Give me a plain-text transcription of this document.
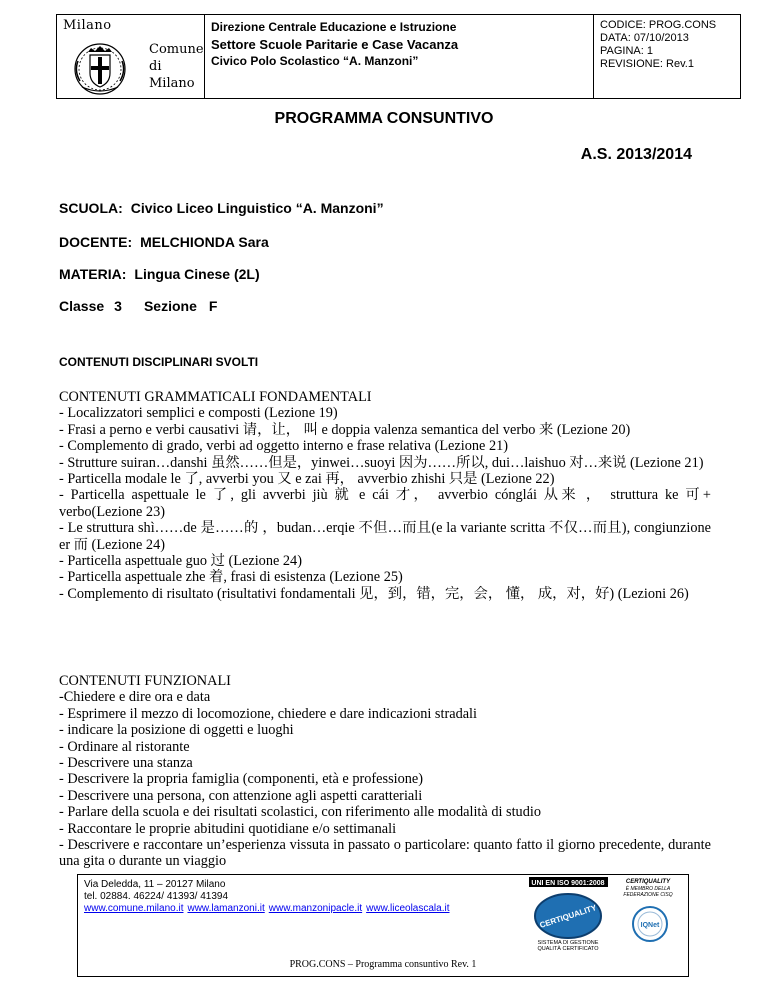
Milano
Comune
di Milano
Direzione Centrale Educazione e Istruzione
Settore Scuole Paritarie e Case Vacanza
Civico Polo Scolastico “A. Manzoni”
CODICE: PROG.CONS
DATA: 07/10/2013
PAGINA: 1
REVISIONE: Rev.1
PROGRAMMA CONSUNTIVO
A.S. 2013/2014
SCUOLA: Civico Liceo Linguistico “A. Manzoni”
DOCENTE: MELCHIONDA Sara
MATERIA: Lingua Cinese (2L)
Classe 3 Sezione F
CONTENUTI DISCIPLINARI SVOLTI

CONTENUTI GRAMMATICALI FONDAMENTALI

- Localizzatori semplici e composti (Lezione 19)

- Frasi a perno e verbi causativi 请，让， 叫 e doppia valenza semantica del verbo 来 (Lezione 20)

- Complemento di grado, verbi ad oggetto interno e frase relativa (Lezione 21)

- Strutture suiran…danshi 虽然……但是，yinwei…suoyi 因为……所以, dui…laishuo 对…来说 (Lezione 21)

- Particella modale le 了, avverbi you 又 e zai 再， avverbio zhishi 只是 (Lezione 22)

- Particella aspettuale le 了, gli avverbi jiù 就 e cái 才， avverbio cónglái 从来 ， struttura ke 可+ verbo(Lezione 23)

- Le struttura shì……de 是……的 ，budan…erqie 不但…而且(e la variante scritta 不仅…而且), congiunzione er 而 (Lezione 24)

- Particella aspettuale guo 过 (Lezione 24)

- Particella aspettuale zhe 着, frasi di esistenza (Lezione 25)

- Complemento di risultato (risultativi fondamentali 见，到，错，完，会， 懂， 成，对，好) (Lezioni 26)

CONTENUTI FUNZIONALI

-Chiedere e dire ora e data

- Esprimere il mezzo di locomozione, chiedere e dare indicazioni stradali

- indicare la posizione di oggetti e luoghi

- Ordinare al ristorante

- Descrivere una stanza

- Descrivere la propria famiglia (componenti, età e professione)

- Descrivere una persona, con attenzione agli aspetti caratteriali

- Parlare della scuola e dei risultati scolastici, con riferimento alle modalità di studio

- Raccontare le proprie abitudini quotidiane e/o settimanali

- Descrivere e raccontare un’esperienza vissuta in passato o particolare: quanto fatto il giorno precedente, durante una gita o durante un viaggio

Via Deledda, 11 – 20127 Milano
tel. 02884. 46224/ 41393/ 41394
www.comune.milano.it www.lamanzoni.it www.manzonipacle.it www.liceolascala.it
UNI EN ISO 9001:2008	CERTIQUALITY
È MEMBRO DELLA
FEDERAZIONE CISQ
CERTIQUALITY
SISTEMA DI GESTIONE
QUALITÀ CERTIFICATO
IQNet
PROG.CONS – Programma consuntivo Rev. 1
